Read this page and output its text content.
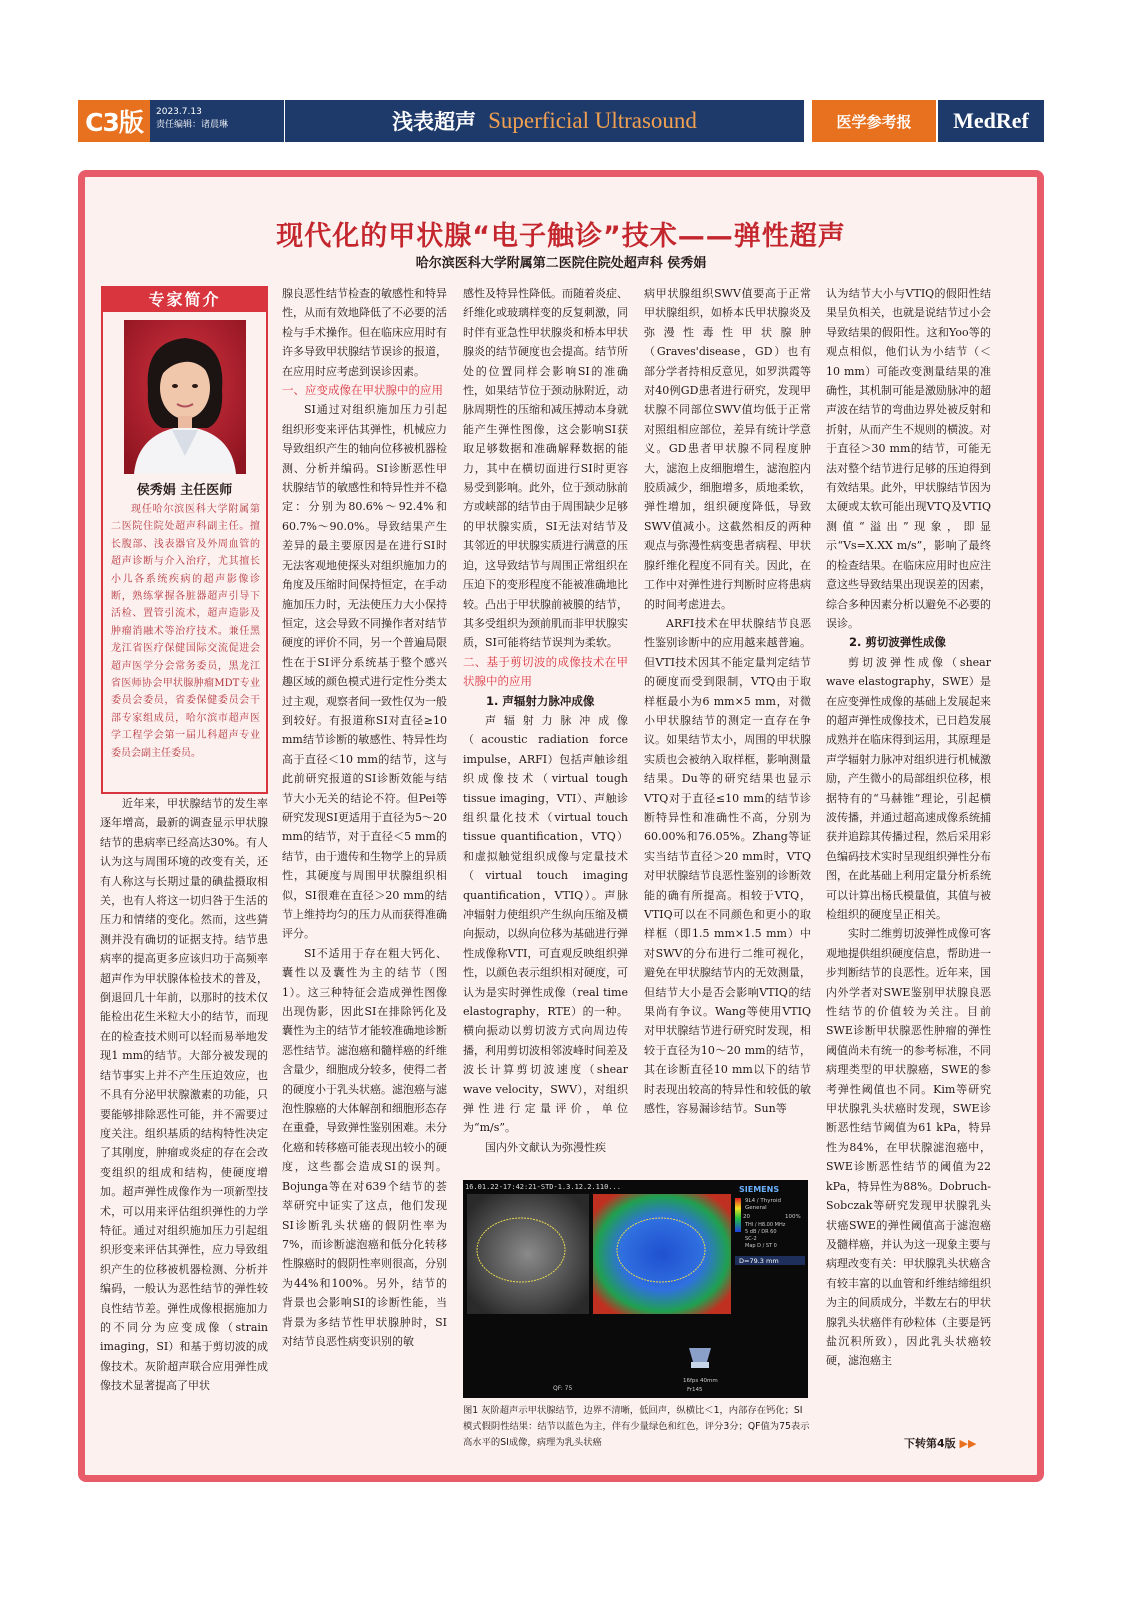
C3版	2023.7.13
责任编辑：诸晨琳	浅表超声 Superficial Ultrasound	医学参考报	MedRef
现代化的甲状腺“电子触诊”技术——弹性超声
哈尔滨医科大学附属第二医院住院处超声科 侯秀娟
专家简介
侯秀娟 主任医师
现任哈尔滨医科大学附属第二医院住院处超声科副主任。擅长腹部、浅表器官及外周血管的超声诊断与介入治疗，尤其擅长小儿各系统疾病的超声影像诊断，熟练掌握各脏器超声引导下活检、置管引流术，超声造影及肿瘤消融术等治疗技术。兼任黑龙江省医疗保健国际交流促进会超声医学分会常务委员，黑龙江省医师协会甲状腺肿瘤MDT专业委员会委员，省委保健委员会干部专家组成员，哈尔滨市超声医学工程学会第一届儿科超声专业委员会副主任委员。

近年来，甲状腺结节的发生率逐年增高，最新的调查显示甲状腺结节的患病率已经高达30%。有人认为这与周围环境的改变有关，还有人称这与长期过量的碘盐摄取相关，也有人将这一切归咎于生活的压力和情绪的变化。然而，这些猜测并没有确切的证据支持。结节患病率的提高更多应该归功于高频率超声作为甲状腺体检技术的普及，倒退回几十年前，以那时的技术仅能检出花生米粒大小的结节，而现在的检查技术则可以轻而易举地发现1 mm的结节。大部分被发现的结节事实上并不产生压迫效应，也不具有分泌甲状腺激素的功能，只要能够排除恶性可能，并不需要过度关注。组织基质的结构特性决定了其刚度，肿瘤或炎症的存在会改变组织的组成和结构，使硬度增加。超声弹性成像作为一项新型技术，可以用来评估组织弹性的力学特征。通过对组织施加压力引起组织形变来评估其弹性，应力导致组织产生的位移被机器检测、分析并编码，一般认为恶性结节的弹性较良性结节差。弹性成像根据施加力的不同分为应变成像（strain imaging，SI）和基于剪切波的成像技术。灰阶超声联合应用弹性成像技术显著提高了甲状

腺良恶性结节检查的敏感性和特异性，从而有效地降低了不必要的活检与手术操作。但在临床应用时有许多导致甲状腺结节误诊的报道，在应用时应考虑到误诊因素。

一、应变成像在甲状腺中的应用

SI通过对组织施加压力引起组织形变来评估其弹性，机械应力导致组织产生的轴向位移被机器检测、分析并编码。SI诊断恶性甲状腺结节的敏感性和特异性并不稳定：分别为80.6%～92.4%和60.7%～90.0%。导致结果产生差异的最主要原因是在进行SI时无法客观地使探头对组织施加力的角度及压缩时间保持恒定，在手动施加压力时，无法使压力大小保持恒定，这会导致不同操作者对结节硬度的评价不同，另一个普遍局限性在于SI评分系统基于整个感兴趣区域的颜色模式进行定性分类太过主观，观察者间一致性仅为一般到较好。有报道称SI对直径≥10 mm结节诊断的敏感性、特异性均高于直径＜10 mm的结节，这与此前研究报道的SI诊断效能与结节大小无关的结论不符。但Pei等研究发现SI更适用于直径为5～20 mm的结节，对于直径＜5 mm的结节，由于遗传和生物学上的异质性，其硬度与周围甲状腺组织相似，SI很难在直径＞20 mm的结节上维持均匀的压力从而获得准确评分。

SI不适用于存在粗大钙化、囊性以及囊性为主的结节（图1）。这三种特征会造成弹性图像出现伪影，因此SI在排除钙化及囊性为主的结节才能较准确地诊断恶性结节。滤泡癌和髓样癌的纤维含量少，细胞成分较多，使得二者的硬度小于乳头状癌。滤泡癌与滤泡性腺癌的大体解剖和细胞形态存在重叠，导致弹性鉴别困难。未分化癌和转移癌可能表现出较小的硬度，这些都会造成SI的误判。Bojunga等在对639个结节的荟萃研究中证实了这点，他们发现SI诊断乳头状癌的假阴性率为7%，而诊断滤泡癌和低分化转移性腺癌时的假阴性率则很高，分别为44%和100%。另外，结节的背景也会影响SI的诊断性能，当背景为多结节性甲状腺肿时，SI对结节良恶性病变识别的敏

感性及特异性降低。而随着炎症、纤维化或玻璃样变的反复刺激，同时伴有亚急性甲状腺炎和桥本甲状腺炎的结节硬度也会提高。结节所处的位置同样会影响SI的准确性，如果结节位于颈动脉附近，动脉周期性的压缩和减压搏动本身就能产生弹性图像，这会影响SI获取足够数据和准确解释数据的能力，其中在横切面进行SI时更容易受到影响。此外，位于颈动脉前方或峡部的结节由于周围缺少足够的甲状腺实质，SI无法对结节及其邻近的甲状腺实质进行满意的压迫，这导致结节与周围正常组织在压迫下的变形程度不能被准确地比较。凸出于甲状腺前被膜的结节，其多受组织为颈前肌而非甲状腺实质，SI可能将结节误判为柔软。

二、基于剪切波的成像技术在甲状腺中的应用

1. 声辐射力脉冲成像

声辐射力脉冲成像（acoustic radiation force impulse，ARFI）包括声触诊组织成像技术（virtual tough tissue imaging，VTI）、声触诊组织量化技术（virtual touch tissue quantification，VTQ）和虚拟触觉组织成像与定量技术（virtual touch imaging quantification，VTIQ）。声脉冲辐射力使组织产生纵向压缩及横向振动，以纵向位移为基础进行弹性成像称VTI，可直观反映组织弹性，以颜色表示组织相对硬度，可认为是实时弹性成像（real time elastography，RTE）的一种。横向振动以剪切波方式向周边传播，利用剪切波相邻波峰时间差及波长计算剪切波速度（shear wave velocity，SWV），对组织弹性进行定量评价，单位为“m/s”。

国内外文献认为弥漫性疾

病甲状腺组织SWV值要高于正常甲状腺组织，如桥本氏甲状腺炎及弥漫性毒性甲状腺肿（Graves'disease，GD）也有部分学者持相反意见，如罗洪霞等对40例GD患者进行研究，发现甲状腺不同部位SWV值均低于正常对照组相应部位，差异有统计学意义。GD患者甲状腺不同程度肿大，滤泡上皮细胞增生，滤泡腔内胶质减少，细胞增多，质地柔软，弹性增加，组织硬度降低，导致SWV值减小。这截然相反的两种观点与弥漫性病变患者病程、甲状腺纤维化程度不同有关。因此，在工作中对弹性进行判断时应将患病的时间考虑进去。

ARFI技术在甲状腺结节良恶性鉴别诊断中的应用越来越普遍。但VTI技术因其不能定量判定结节的硬度而受到限制，VTQ由于取样框最小为6 mm×5 mm，对微小甲状腺结节的测定一直存在争议。如果结节太小，周围的甲状腺实质也会被纳入取样框，影响测量结果。Du等的研究结果也显示VTQ对于直径≤10 mm的结节诊断特异性和准确性不高，分别为60.00%和76.05%。Zhang等证实当结节直径＞20 mm时，VTQ对甲状腺结节良恶性鉴别的诊断效能的确有所提高。相较于VTQ，VTIQ可以在不同颜色和更小的取样框（即1.5 mm×1.5 mm）中对SWV的分布进行二维可视化，避免在甲状腺结节内的无效测量，但结节大小是否会影响VTIQ的结果尚有争议。Wang等使用VTIQ对甲状腺结节进行研究时发现，相较于直径为10～20 mm的结节，其在诊断直径10 mm以下的结节时表现出较高的特异性和较低的敏感性，容易漏诊结节。Sun等

认为结节大小与VTIQ的假阳性结果呈负相关，也就是说结节过小会导致结果的假阳性。这和Yoo等的观点相似，他们认为小结节（＜10 mm）可能改变测量结果的准确性，其机制可能是激励脉冲的超声波在结节的弯曲边界处被反射和折射，从而产生不规则的横波。对于直径＞30 mm的结节，可能无法对整个结节进行足够的压迫得到有效结果。此外，甲状腺结节因为太硬或太软可能出现VTQ及VTIQ测值“溢出”现象，即显示“Vs=X.XX m/s”，影响了最终的检查结果。在临床应用时也应注意这些导致结果出现误差的因素，综合多种因素分析以避免不必要的误诊。

2. 剪切波弹性成像

剪切波弹性成像（shear wave elastography，SWE）是在应变弹性成像的基础上发展起来的超声弹性成像技术，已日趋发展成熟并在临床得到运用，其原理是声学辐射力脉冲对组织进行机械激励，产生微小的局部组织位移，根据特有的“马赫锥”理论，引起横波传播，并通过超高速成像系统捕获并追踪其传播过程，然后采用彩色编码技术实时呈现组织弹性分布图，在此基础上利用定量分析系统可以计算出杨氏模量值，其值与被检组织的硬度呈正相关。

实时二维剪切波弹性成像可客观地提供组织硬度信息，帮助进一步判断结节的良恶性。近年来，国内外学者对SWE鉴别甲状腺良恶性结节的价值较为关注。目前SWE诊断甲状腺恶性肿瘤的弹性阈值尚未有统一的参考标准，不同病理类型的甲状腺癌，SWE的参考弹性阈值也不同。Kim等研究甲状腺乳头状癌时发现，SWE诊断恶性结节阈值为61 kPa，特异性为84%，在甲状腺滤泡癌中，SWE诊断恶性结节的阈值为22 kPa，特异性为88%。Dobruch-Sobczak等研究发现甲状腺乳头状癌SWE的弹性阈值高于滤泡癌及髓样癌，并认为这一现象主要与病理改变有关：甲状腺乳头状癌含有较丰富的以血管和纤维结缔组织为主的间质成分，半数左右的甲状腺乳头状癌伴有砂粒体（主要是钙盐沉积所致），因此乳头状癌较硬，滤泡癌主

16.01.22-17:42:21-STD-1.3.12.2.110...	SIEMENS
9L4 / Thyroid
General
20	100%
THI / H8.00 MHz 5 dB / DR 60 SC-2 Map D / ST 0
D=79.3 mm
QF: 75
16fps 40mm
Fr145
图1 灰阶超声示甲状腺结节，边界不清晰，低回声，纵横比＜1，内部存在钙化；SI模式假阴性结果：结节以蓝色为主，伴有少量绿色和红色，评分3分；QF值为75表示高水平的SI成像，病理为乳头状癌	下转第4版 ▶▶
